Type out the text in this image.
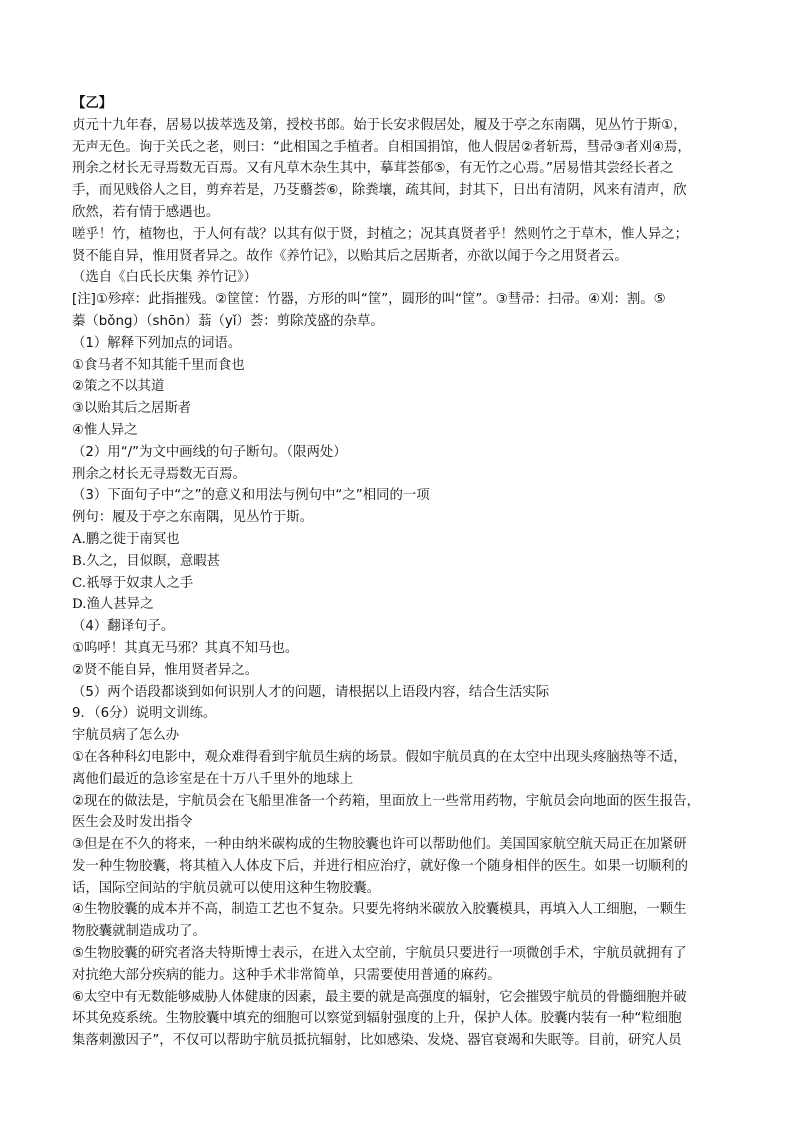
【乙】
贞元十九年春，居易以拔萃选及第，授校书郎。始于长安求假居处，履及于亭之东南隅，见丛竹于斯①，
无声无色。询于关氏之老，则曰：“此相国之手植者。自相国捐馆，他人假居②者斩焉，彗帚③者刈④焉，
刑余之材长无寻焉数无百焉。又有凡草木杂生其中，摹茸荟郁⑤，有无竹之心焉。”居易惜其尝经长者之
手，而见贱俗人之目，剪弃若是，乃芟蘙荟⑥，除粪壤，疏其间，封其下，日出有清阴，风来有清声，欣
欣然，若有情于感遇也。
嗟乎！竹，植物也，于人何有哉？以其有似于贤，封植之；况其真贤者乎！然则竹之于草木，惟人异之；
贤不能自异，惟用贤者异之。故作《养竹记》，以贻其后之居斯者，亦欲以闻于今之用贤者云。
（选自《白氏长庆集 养竹记》）
[注]①殄瘁：此指摧残。②筐筐：竹器，方形的叫“筐”，圆形的叫“筐”。③彗帚：扫帚。④刈：割。⑤
蓁（bǒng）（shōn）蓊（yǐ）荟：剪除茂盛的杂草。
（1）解释下列加点的词语。
①食马者不知其能千里而食也
②策之不以其道
③以贻其后之居斯者
④惟人异之
（2）用“/”为文中画线的句子断句。（限两处）
刑余之材长无寻焉数无百焉。
（3）下面句子中“之”的意义和用法与例句中“之”相同的一项
例句：履及于亭之东南隅，见丛竹于斯。
A.鹏之徙于南冥也
B.久之，目似瞑，意暇甚
C.祇辱于奴隶人之手
D.渔人甚异之
（4）翻译句子。
①呜呼！其真无马邪？其真不知马也。
②贤不能自异，惟用贤者异之。
（5）两个语段都谈到如何识别人才的问题，请根据以上语段内容，结合生活实际
9．（6分）说明文训练。
宇航员病了怎么办
①在各种科幻电影中，观众难得看到宇航员生病的场景。假如宇航员真的在太空中出现头疼脑热等不适，
离他们最近的急诊室是在十万八千里外的地球上
②现在的做法是，宇航员会在飞船里准备一个药箱，里面放上一些常用药物，宇航员会向地面的医生报告，
医生会及时发出指令
③但是在不久的将来，一种由纳米碳构成的生物胶囊也许可以帮助他们。美国国家航空航天局正在加紧研
发一种生物胶囊，将其植入人体皮下后，并进行相应治疗，就好像一个随身相伴的医生。如果一切顺利的
话，国际空间站的宇航员就可以使用这种生物胶囊。
④生物胶囊的成本并不高，制造工艺也不复杂。只要先将纳米碳放入胶囊模具，再填入人工细胞，一颗生
物胶囊就制造成功了。
⑤生物胶囊的研究者洛夫特斯博士表示，在进入太空前，宇航员只要进行一项微创手术，宇航员就拥有了
对抗绝大部分疾病的能力。这种手术非常简单，只需要使用普通的麻药。
⑥太空中有无数能够威胁人体健康的因素，最主要的就是高强度的辐射，它会摧毁宇航员的骨髓细胞并破
坏其免疫系统。生物胶囊中填充的细胞可以察觉到辐射强度的上升，保护人体。胶囊内装有一种“粒细胞
集落刺激因子”，不仅可以帮助宇航员抵抗辐射，比如感染、发烧、器官衰竭和失眠等。目前，研究人员
